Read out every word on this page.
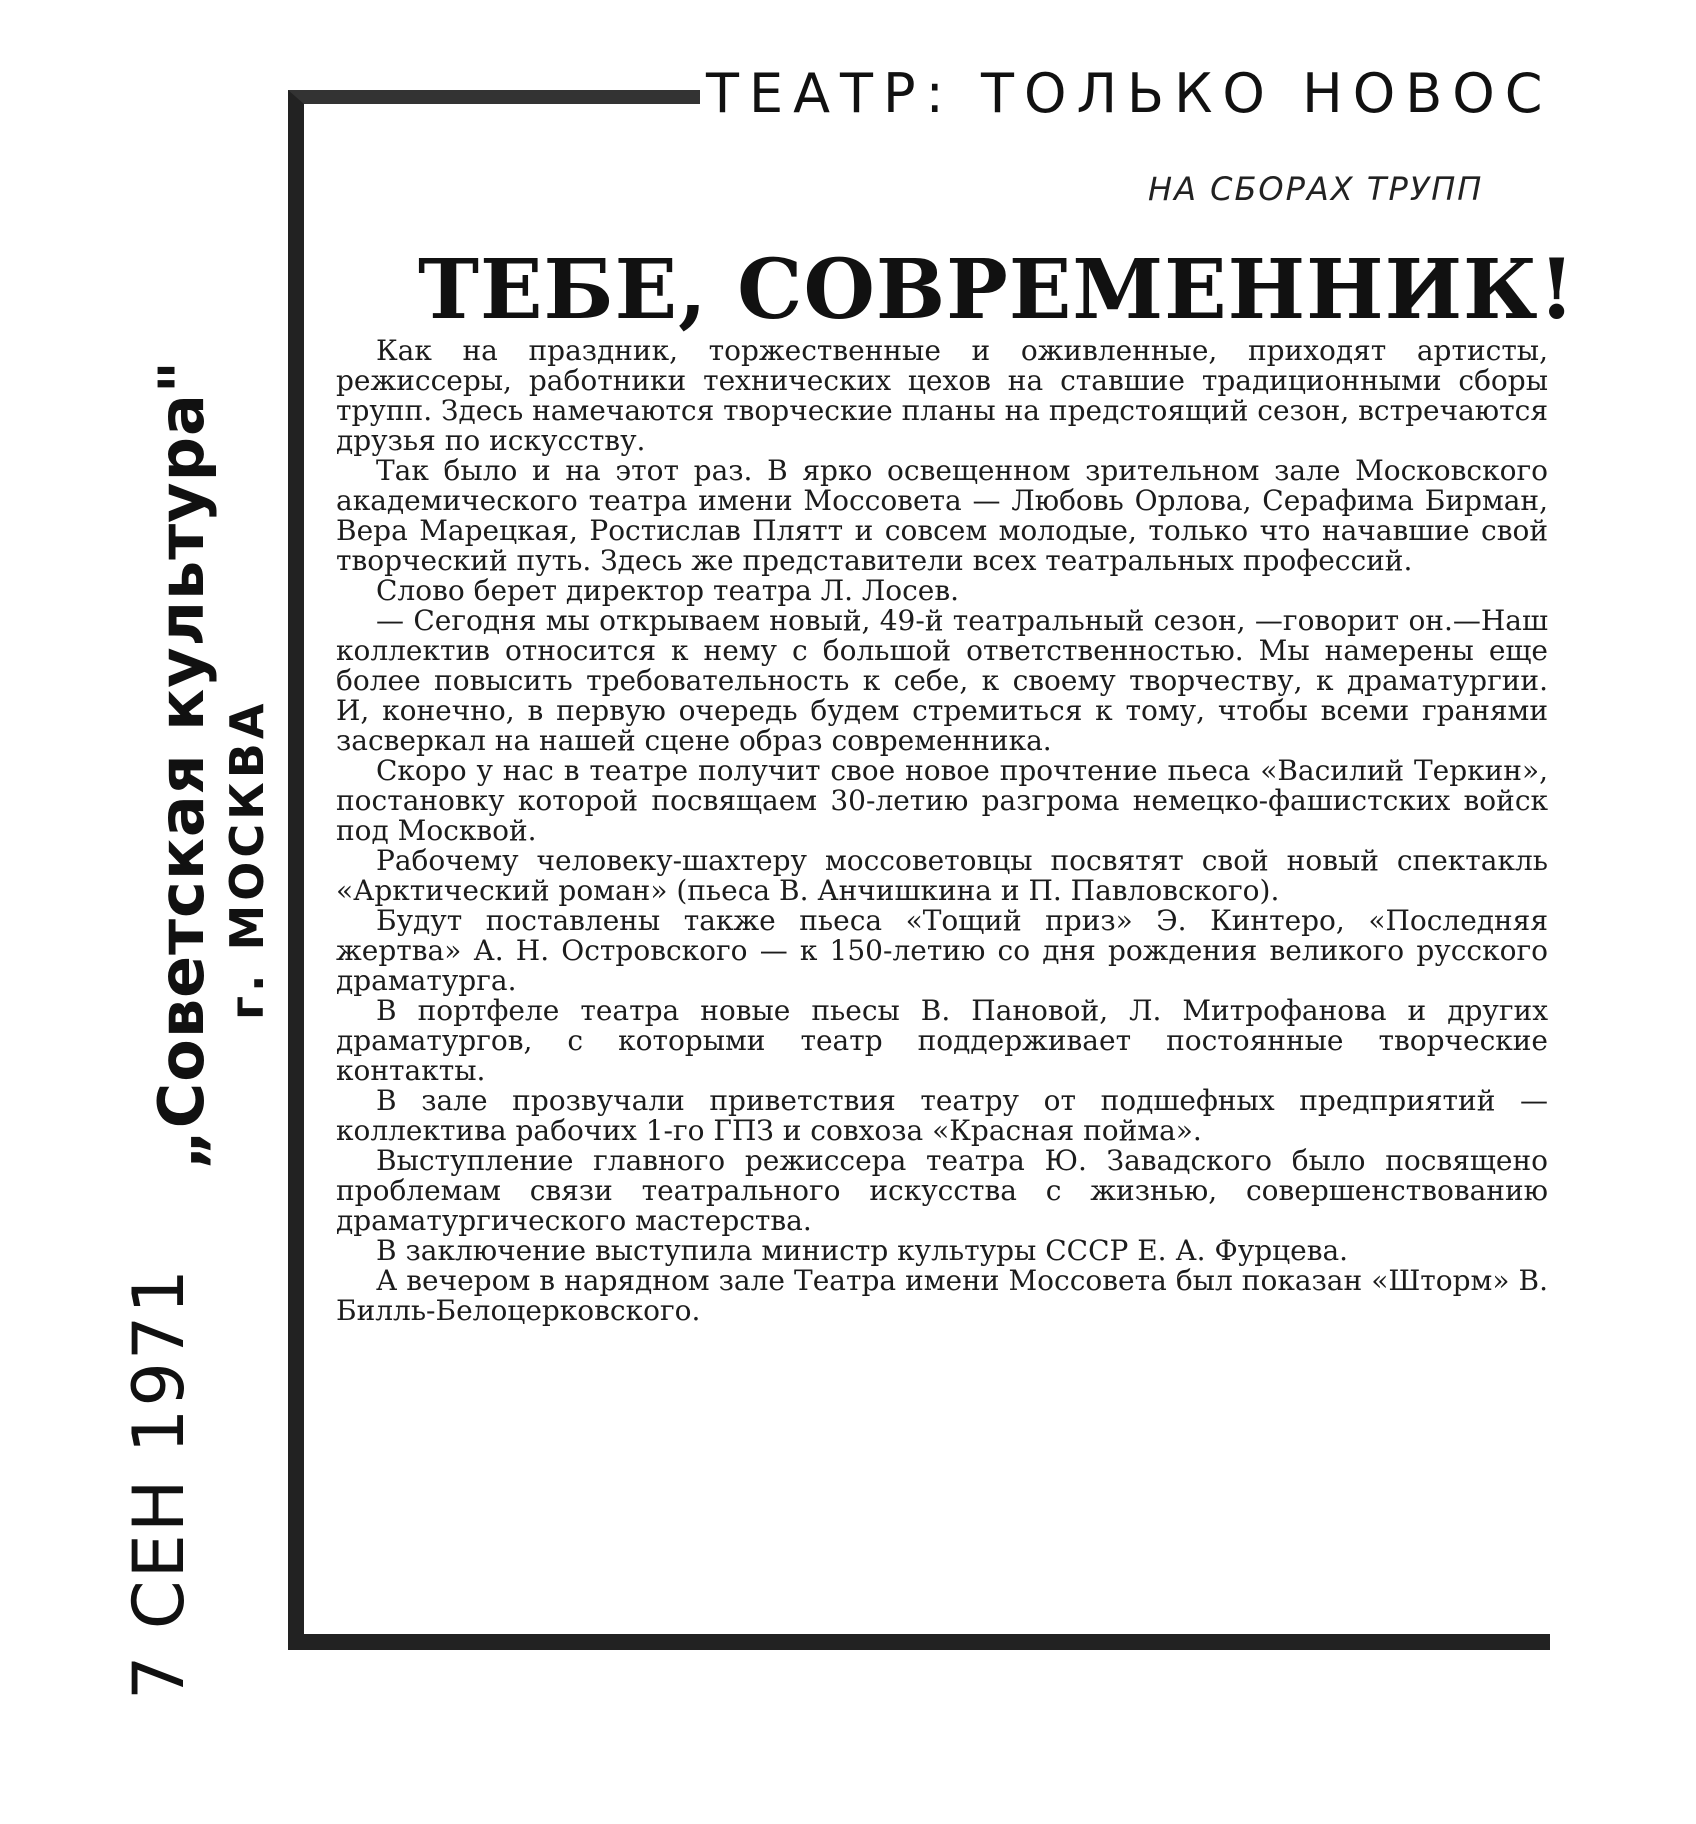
7 СЕН 1971
„Советская культура" г. МОСКВА
ТЕАТР: ТОЛЬКО НОВОС
НА СБОРАХ ТРУПП
ТЕБЕ, СОВРЕМЕННИК!

Как на праздник, торжественные и оживленные, приходят артисты, режиссеры, работники технических цехов на ставшие традиционными сборы трупп. Здесь намечаются творческие планы на предстоящий сезон, встречаются друзья по искусству.

Так было и на этот раз. В ярко освещенном зрительном зале Московского академического театра имени Моссовета — Любовь Орлова, Серафима Бирман, Вера Марецкая, Ростислав Плятт и совсем молодые, только что начавшие свой творческий путь. Здесь же представители всех театральных профессий.

Слово берет директор театра Л. Лосев.

— Сегодня мы открываем новый, 49-й театральный сезон, —говорит он.—Наш коллектив относится к нему с большой ответственностью. Мы намерены еще более повысить требовательность к себе, к своему творчеству, к драматургии. И, конечно, в первую очередь будем стремиться к тому, чтобы всеми гранями засверкал на нашей сцене образ современника.

Скоро у нас в театре получит свое новое прочтение пьеса «Василий Теркин», постановку которой посвящаем 30-летию разгрома немецко-фашистских войск под Москвой.

Рабочему человеку-шахтеру моссоветовцы посвятят свой новый спектакль «Арктический роман» (пьеса В. Анчишкина и П. Павловского).

Будут поставлены также пьеса «Тощий приз» Э. Кинтеро, «Последняя жертва» А. Н. Островского — к 150-летию со дня рождения великого русского драматурга.

В портфеле театра новые пьесы В. Пановой, Л. Митрофанова и других драматургов, с которыми театр поддерживает постоянные творческие контакты.

В зале прозвучали приветствия театру от подшефных предприятий — коллектива рабочих 1-го ГПЗ и совхоза «Красная пойма».

Выступление главного режиссера театра Ю. Завадского было посвящено проблемам связи театрального искусства с жизнью, совершенствованию драматургического мастерства.

В заключение выступила министр культуры СССР Е. А. Фурцева.

А вечером в нарядном зале Театра имени Моссовета был показан «Шторм» В. Билль-Белоцерковского.
